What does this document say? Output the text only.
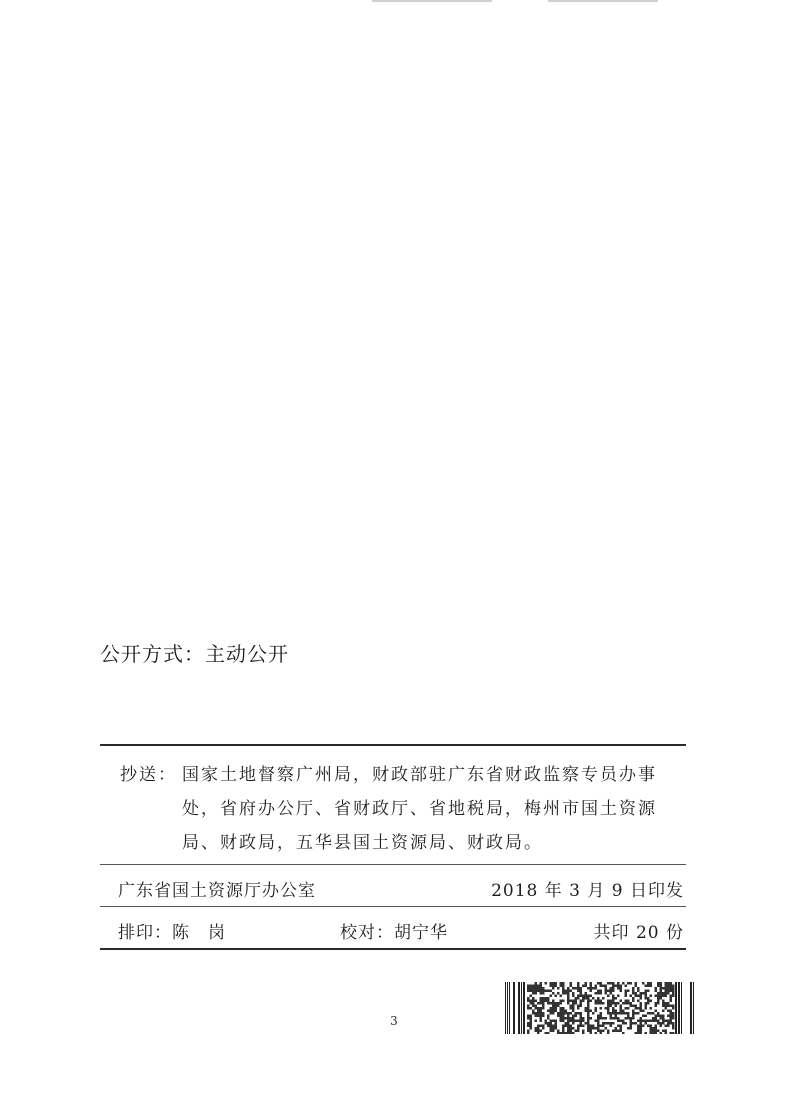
公开方式：主动公开
抄送： 国家土地督察广州局，财政部驻广东省财政监察专员办事
处，省府办公厅、省财政厅、省地税局，梅州市国土资源
局、财政局，五华县国土资源局、财政局。
广东省国土资源厅办公室	2018 年 3 月 9 日印发
排印：陈　岗	校对：胡宁华	共印 20 份
3
